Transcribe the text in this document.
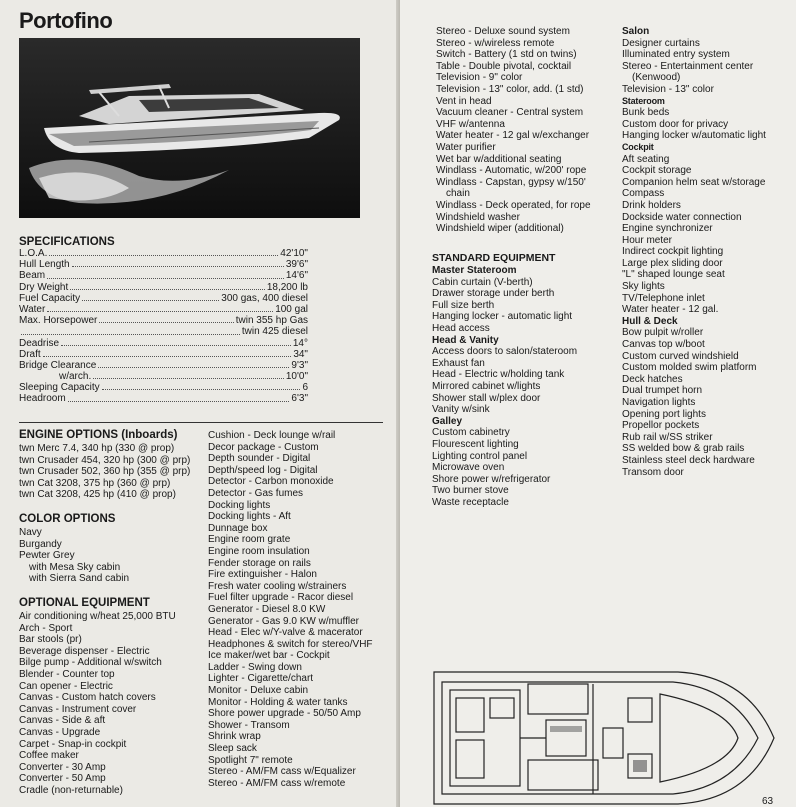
Portofino
SPECIFICATIONS
L.O.A.	42'10"
Hull Length	39'6"
Beam	14'6"
Dry Weight	18,200 lb
Fuel Capacity	300 gas, 400 diesel
Water	100 gal
Max. Horsepower	twin 355 hp Gas
twin 425 diesel
Deadrise	14°
Draft	34"
Bridge Clearance	9'3"
w/arch.	10'0"
Sleeping Capacity	6
Headroom	6'3"
ENGINE OPTIONS (Inboards)
twn Merc 7.4, 340 hp (330 @ prop)
twn Crusader 454, 320 hp (300 @ prp)
twn Crusader 502, 360 hp (355 @ prp)
twn Cat 3208, 375 hp (360 @ prp)
twn Cat 3208, 425 hp (410 @ prop)
COLOR OPTIONS
Navy
Burgandy
Pewter Grey
with Mesa Sky cabin
with Sierra Sand cabin
OPTIONAL EQUIPMENT
Air conditioning w/heat 25,000 BTU
Arch - Sport
Bar stools (pr)
Beverage dispenser - Electric
Bilge pump - Additional w/switch
Blender - Counter top
Can opener - Electric
Canvas - Custom hatch covers
Canvas - Instrument cover
Canvas - Side & aft
Canvas - Upgrade
Carpet - Snap-in cockpit
Coffee maker
Converter - 30 Amp
Converter - 50 Amp
Cradle (non-returnable)
Cushion - Deck lounge w/rail
Decor package - Custom
Depth sounder - Digital
Depth/speed log - Digital
Detector - Carbon monoxide
Detector - Gas fumes
Docking lights
Docking lights - Aft
Dunnage box
Engine room grate
Engine room insulation
Fender storage on rails
Fire extinguisher - Halon
Fresh water cooling w/strainers
Fuel filter upgrade - Racor diesel
Generator - Diesel 8.0 KW
Generator - Gas 9.0 KW w/muffler
Head - Elec w/Y-valve & macerator
Headphones & switch for stereo/VHF
Ice maker/wet bar - Cockpit
Ladder - Swing down
Lighter - Cigarette/chart
Monitor - Deluxe cabin
Monitor - Holding & water tanks
Shore power upgrade - 50/50 Amp
Shower - Transom
Shrink wrap
Sleep sack
Spotlight 7" remote
Stereo - AM/FM cass w/Equalizer
Stereo - AM/FM cass w/remote
Stereo - Deluxe sound system
Stereo - w/wireless remote
Switch - Battery (1 std on twins)
Table - Double pivotal, cocktail
Television - 9" color
Television - 13" color, add. (1 std)
Vent in head
Vacuum cleaner - Central system
VHF w/antenna
Water heater - 12 gal w/exchanger
Water purifier
Wet bar w/additional seating
Windlass - Automatic, w/200' rope
Windlass - Capstan, gypsy w/150'
chain
Windlass - Deck operated, for rope
Windshield washer
Windshield wiper (additional)
STANDARD EQUIPMENT
Master Stateroom
Cabin curtain (V-berth)
Drawer storage under berth
Full size berth
Hanging locker - automatic light
Head access
Head & Vanity
Access doors to salon/stateroom
Exhaust fan
Head - Electric w/holding tank
Mirrored cabinet w/lights
Shower stall w/plex door
Vanity w/sink
Galley
Custom cabinetry
Flourescent lighting
Lighting control panel
Microwave oven
Shore power w/refrigerator
Two burner stove
Waste receptacle
Salon
Designer curtains
Illuminated entry system
Stereo - Entertainment center
(Kenwood)
Television - 13" color
Stateroom
Bunk beds
Custom door for privacy
Hanging locker w/automatic light
Cockpit
Aft seating
Cockpit storage
Companion helm seat w/storage
Compass
Drink holders
Dockside water connection
Engine synchronizer
Hour meter
Indirect cockpit lighting
Large plex sliding door
"L" shaped lounge seat
Sky lights
TV/Telephone inlet
Water heater - 12 gal.
Hull & Deck
Bow pulpit w/roller
Canvas top w/boot
Custom curved windshield
Custom molded swim platform
Deck hatches
Dual trumpet horn
Navigation lights
Opening port lights
Propellor pockets
Rub rail w/SS striker
SS welded bow & grab rails
Stainless steel deck hardware
Transom door
63
